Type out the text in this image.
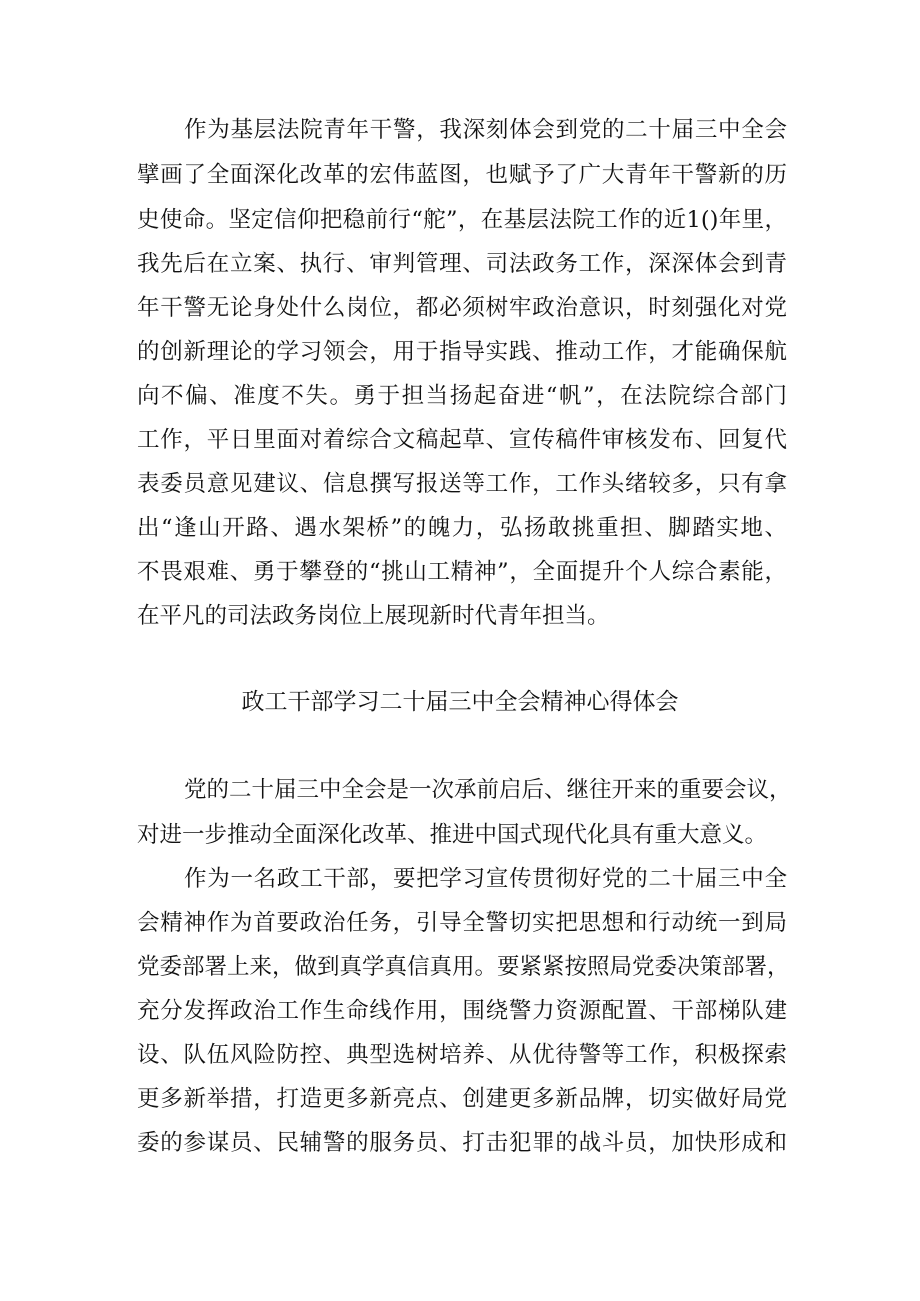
作为基层法院青年干警，我深刻体会到党的二十届三中全会
擘画了全面深化改革的宏伟蓝图，也赋予了广大青年干警新的历
史使命。坚定信仰把稳前行“舵”，在基层法院工作的近1()年里，
我先后在立案、执行、审判管理、司法政务工作，深深体会到青
年干警无论身处什么岗位，都必须树牢政治意识，时刻强化对党
的创新理论的学习领会，用于指导实践、推动工作，才能确保航
向不偏、准度不失。勇于担当扬起奋进“帆”，在法院综合部门
工作，平日里面对着综合文稿起草、宣传稿件审核发布、回复代
表委员意见建议、信息撰写报送等工作，工作头绪较多，只有拿
出“逢山开路、遇水架桥”的魄力，弘扬敢挑重担、脚踏实地、
不畏艰难、勇于攀登的“挑山工精神”，全面提升个人综合素能，
在平凡的司法政务岗位上展现新时代青年担当。
政工干部学习二十届三中全会精神心得体会
党的二十届三中全会是一次承前启后、继往开来的重要会议，
对进一步推动全面深化改革、推进中国式现代化具有重大意义。
作为一名政工干部，要把学习宣传贯彻好党的二十届三中全
会精神作为首要政治任务，引导全警切实把思想和行动统一到局
党委部署上来，做到真学真信真用。要紧紧按照局党委决策部署，
充分发挥政治工作生命线作用，围绕警力资源配置、干部梯队建
设、队伍风险防控、典型选树培养、从优待警等工作，积极探索
更多新举措，打造更多新亮点、创建更多新品牌，切实做好局党
委的参谋员、民辅警的服务员、打击犯罪的战斗员，加快形成和
